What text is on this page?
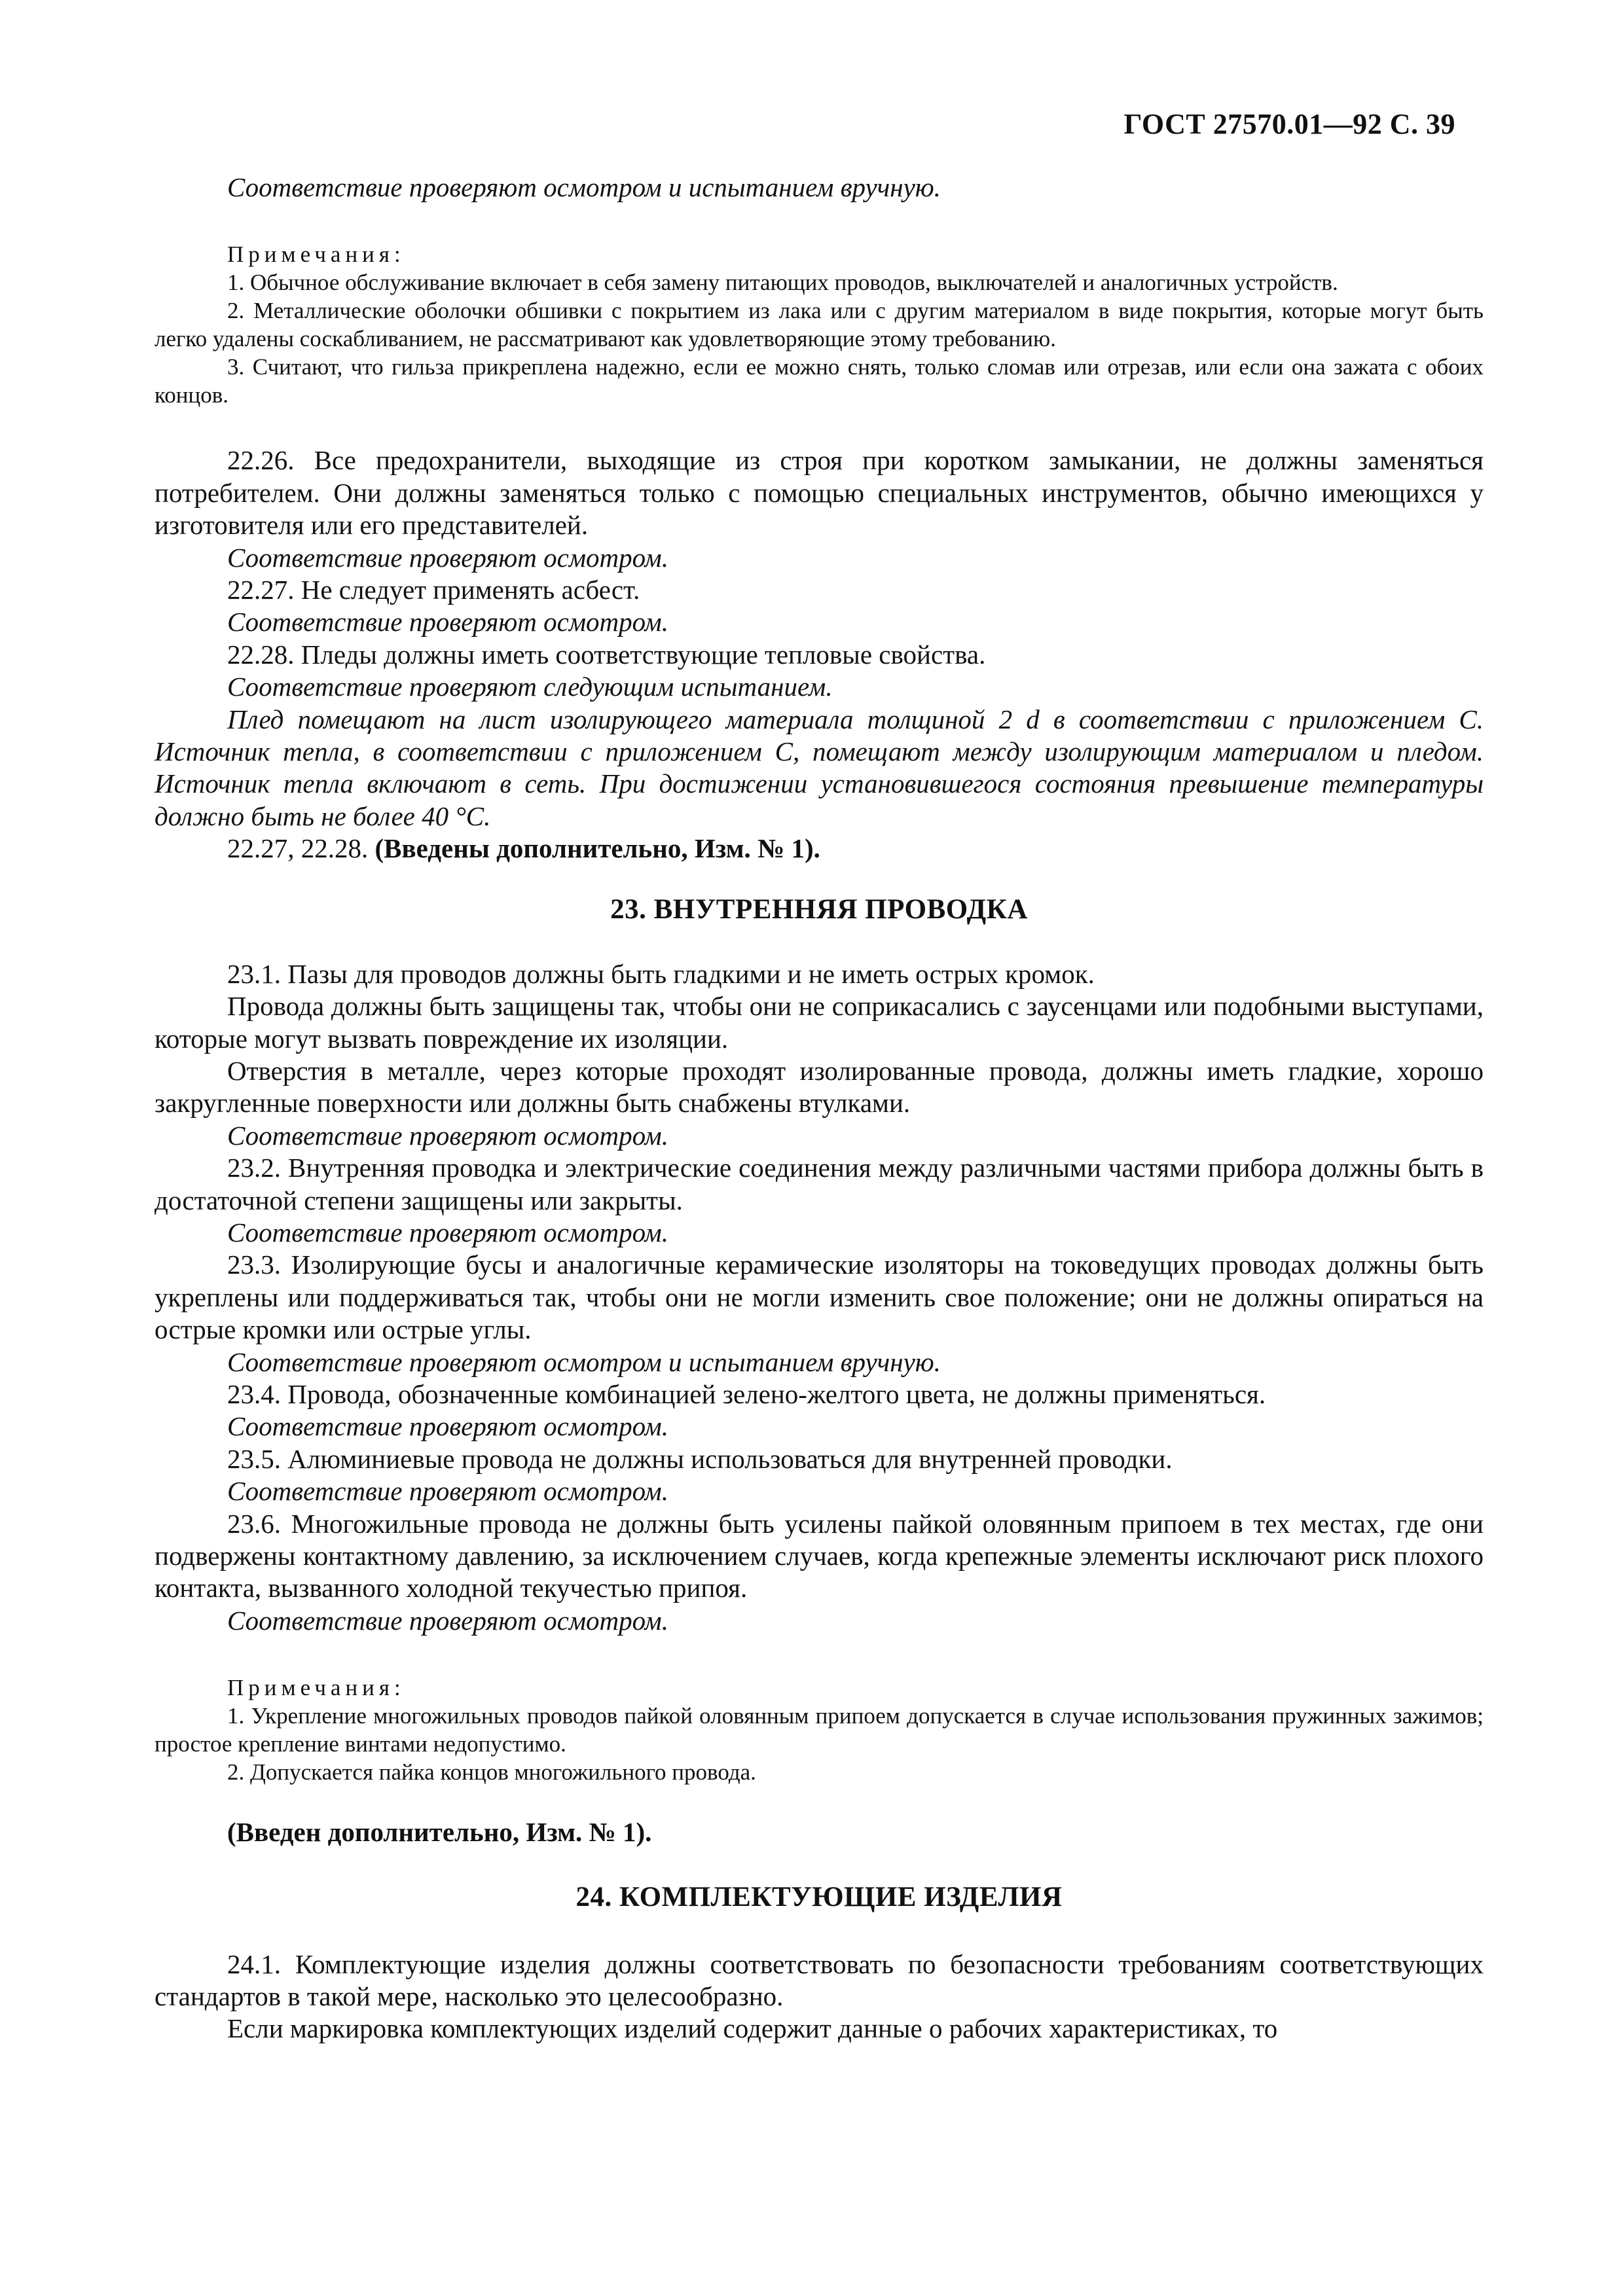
ГОСТ 27570.01—92 С. 39

Соответствие проверяют осмотром и испытанием вручную.

Примечания:

1. Обычное обслуживание включает в себя замену питающих проводов, выключателей и аналогичных устройств.

2. Металлические оболочки обшивки с покрытием из лака или с другим материалом в виде покрытия, которые могут быть легко удалены соскабливанием, не рассматривают как удовлетворяющие этому требованию.

3. Считают, что гильза прикреплена надежно, если ее можно снять, только сломав или отрезав, или если она зажата с обоих концов.

22.26. Все предохранители, выходящие из строя при коротком замыкании, не должны заменяться потребителем. Они должны заменяться только с помощью специальных инструментов, обычно имеющихся у изготовителя или его представителей.

Соответствие проверяют осмотром.

22.27. Не следует применять асбест.

Соответствие проверяют осмотром.

22.28. Пледы должны иметь соответствующие тепловые свойства.

Соответствие проверяют следующим испытанием.

Плед помещают на лист изолирующего материала толщиной 2 d в соответствии с приложением С. Источник тепла, в соответствии с приложением С, помещают между изолирующим материалом и пледом. Источник тепла включают в сеть. При достижении установившегося состояния превышение температуры должно быть не более 40 °С.

22.27, 22.28. (Введены дополнительно, Изм. № 1).

23. ВНУТРЕННЯЯ ПРОВОДКА

23.1. Пазы для проводов должны быть гладкими и не иметь острых кромок.

Провода должны быть защищены так, чтобы они не соприкасались с заусенцами или подобными выступами, которые могут вызвать повреждение их изоляции.

Отверстия в металле, через которые проходят изолированные провода, должны иметь гладкие, хорошо закругленные поверхности или должны быть снабжены втулками.

Соответствие проверяют осмотром.

23.2. Внутренняя проводка и электрические соединения между различными частями прибора должны быть в достаточной степени защищены или закрыты.

Соответствие проверяют осмотром.

23.3. Изолирующие бусы и аналогичные керамические изоляторы на токоведущих проводах должны быть укреплены или поддерживаться так, чтобы они не могли изменить свое положение; они не должны опираться на острые кромки или острые углы.

Соответствие проверяют осмотром и испытанием вручную.

23.4. Провода, обозначенные комбинацией зелено-желтого цвета, не должны применяться.

Соответствие проверяют осмотром.

23.5. Алюминиевые провода не должны использоваться для внутренней проводки.

Соответствие проверяют осмотром.

23.6. Многожильные провода не должны быть усилены пайкой оловянным припоем в тех местах, где они подвержены контактному давлению, за исключением случаев, когда крепежные элементы исключают риск плохого контакта, вызванного холодной текучестью припоя.

Соответствие проверяют осмотром.

Примечания:

1. Укрепление многожильных проводов пайкой оловянным припоем допускается в случае использования пружинных зажимов; простое крепление винтами недопустимо.

2. Допускается пайка концов многожильного провода.

(Введен дополнительно, Изм. № 1).

24. КОМПЛЕКТУЮЩИЕ ИЗДЕЛИЯ

24.1. Комплектующие изделия должны соответствовать по безопасности требованиям соответствующих стандартов в такой мере, насколько это целесообразно.

Если маркировка комплектующих изделий содержит данные о рабочих характеристиках, то
